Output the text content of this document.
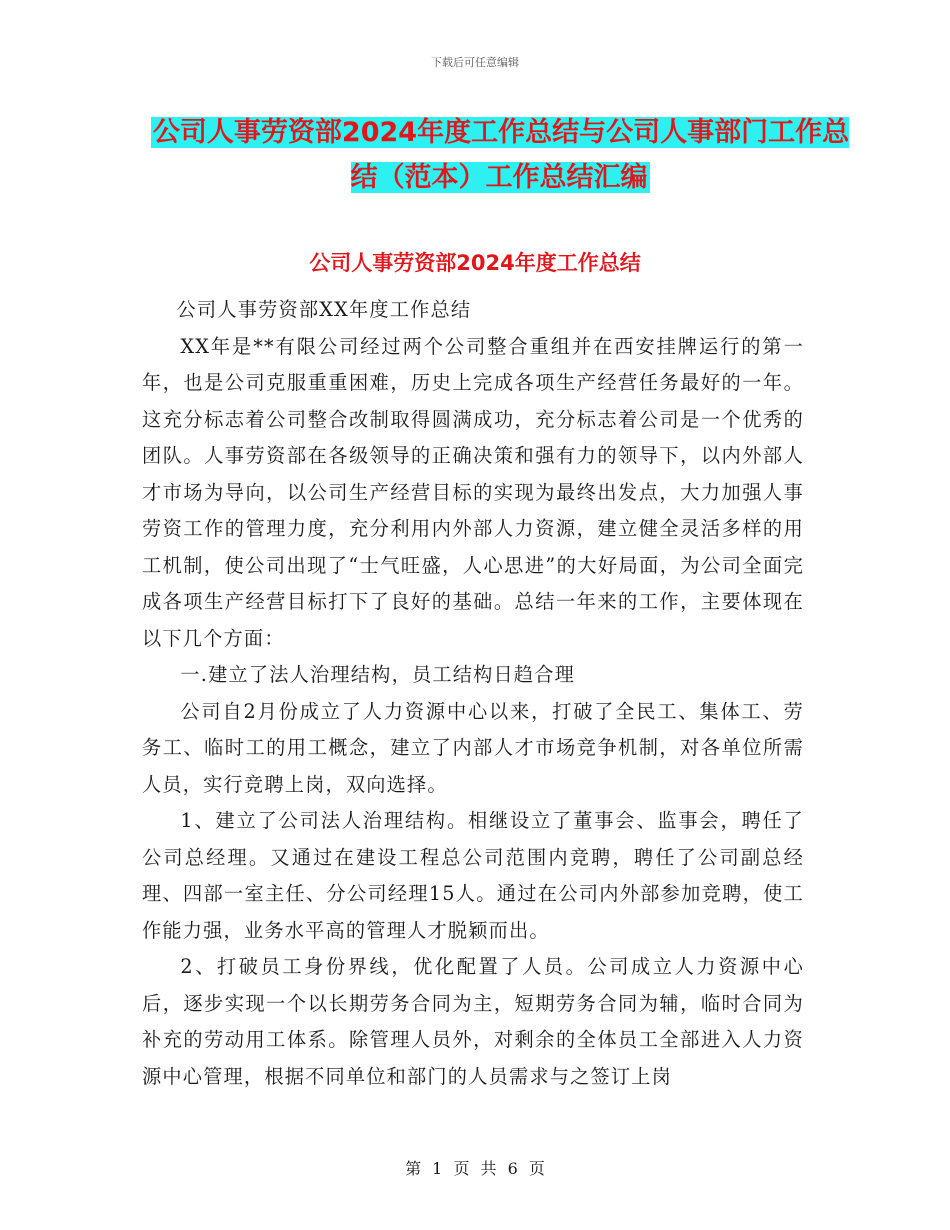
下载后可任意编辑
公司人事劳资部2024年度工作总结与公司人事部门工作总结（范本）工作总结汇编
公司人事劳资部2024年度工作总结

公司人事劳资部XX年度工作总结

XX年是**有限公司经过两个公司整合重组并在西安挂牌运行的第一年，也是公司克服重重困难，历史上完成各项生产经营任务最好的一年。这充分标志着公司整合改制取得圆满成功，充分标志着公司是一个优秀的团队。人事劳资部在各级领导的正确决策和强有力的领导下，以内外部人才市场为导向，以公司生产经营目标的实现为最终出发点，大力加强人事劳资工作的管理力度，充分利用内外部人力资源，建立健全灵活多样的用工机制，使公司出现了“士气旺盛，人心思进”的大好局面，为公司全面完成各项生产经营目标打下了良好的基础。总结一年来的工作，主要体现在以下几个方面：

一.建立了法人治理结构，员工结构日趋合理

公司自2月份成立了人力资源中心以来，打破了全民工、集体工、劳务工、临时工的用工概念，建立了内部人才市场竞争机制，对各单位所需人员，实行竞聘上岗，双向选择。

1、建立了公司法人治理结构。相继设立了董事会、监事会，聘任了公司总经理。又通过在建设工程总公司范围内竞聘，聘任了公司副总经理、四部一室主任、分公司经理15人。通过在公司内外部参加竞聘，使工作能力强，业务水平高的管理人才脱颖而出。

2、打破员工身份界线，优化配置了人员。公司成立人力资源中心后，逐步实现一个以长期劳务合同为主，短期劳务合同为辅，临时合同为补充的劳动用工体系。除管理人员外，对剩余的全体员工全部进入人力资源中心管理，根据不同单位和部门的人员需求与之签订上岗

第 1 页 共 6 页
